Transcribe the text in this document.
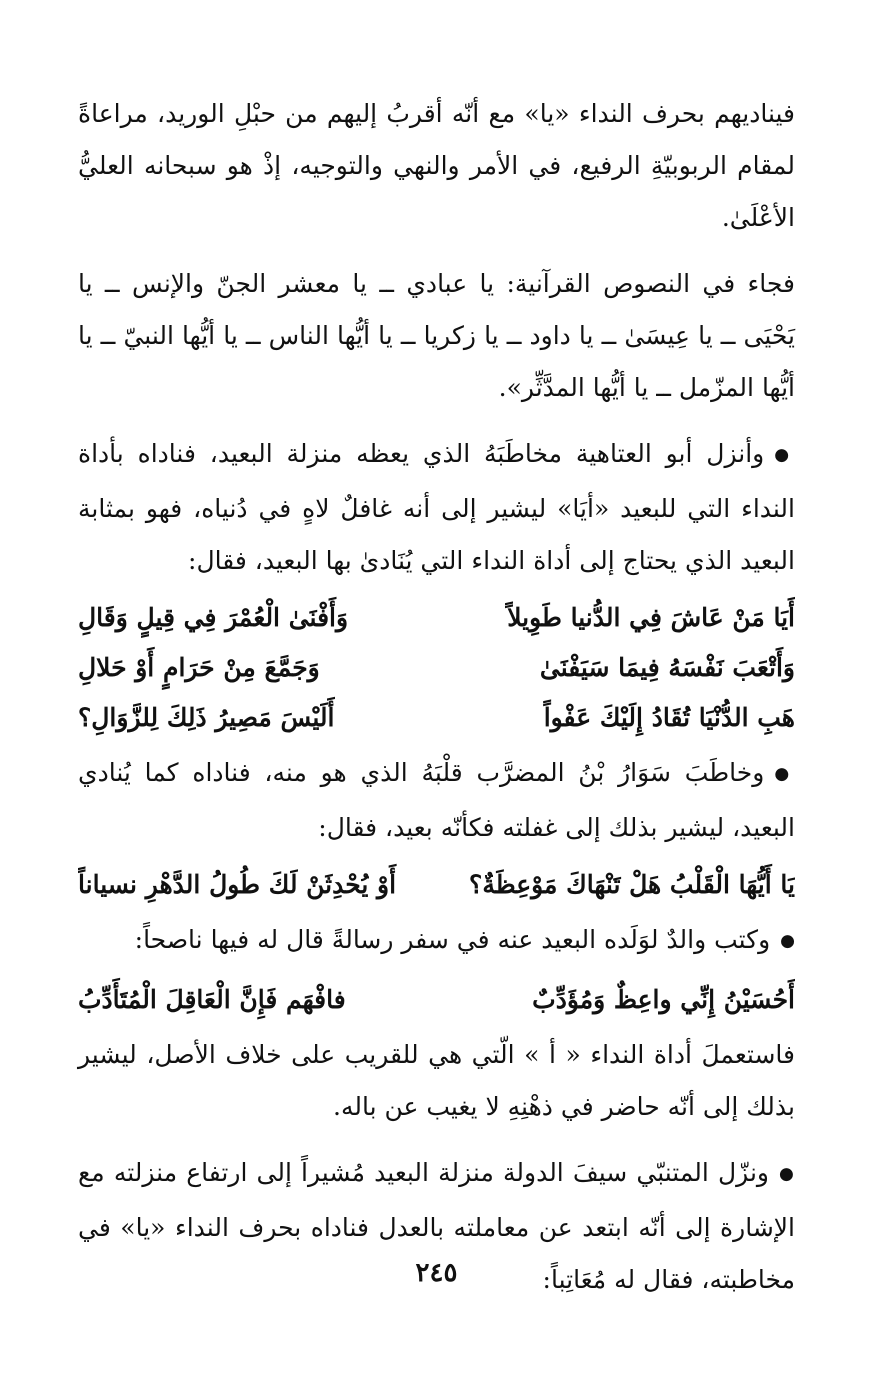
فيناديهم بحرف النداء «يا» مع أنّه أقربُ إليهم من حبْلِ الوريد، مراعاةً لمقام الربوبيّةِ الرفيع، في الأمر والنهي والتوجيه، إذْ هو سبحانه العليُّ الأعْلَىٰ.

فجاء في النصوص القرآنية: يا عبادي ــ يا معشر الجنّ والإنس ــ يا يَحْيَى ــ يا عِيسَىٰ ــ يا داود ــ يا زكريا ــ يا أيُّها الناس ــ يا أيُّها النبيّ ــ يا أيُّها المزّمل ــ يا أيُّها المدَّثِّر».

● وأنزل أبو العتاهية مخاطَبَهُ الذي يعظه منزلة البعيد، فناداه بأداة النداء التي للبعيد «أيَا» ليشير إلى أنه غافلٌ لاهٍ في دُنياه، فهو بمثابة البعيد الذي يحتاج إلى أداة النداء التي يُنَادىٰ بها البعيد، فقال:

أَيَا مَنْ عَاشَ فِي الدُّنيا طَوِيلاً
وَأَفْنَىٰ الْعُمْرَ فِي قِيلٍ وَقَالِ
وَأَتْعَبَ نَفْسَهُ فِيمَا سَيَفْنَىٰ
وَجَمَّعَ مِنْ حَرَامٍ أَوْ حَلالِ
هَبِ الدُّنْيَا تُقَادُ إِلَيْكَ عَفْواً
أَلَيْسَ مَصِيرُ ذَلِكَ لِلزَّوَالِ؟

● وخاطَبَ سَوَارُ بْنُ المضرَّب قلْبَهُ الذي هو منه، فناداه كما يُنادي البعيد، ليشير بذلك إلى غفلته فكأنّه بعيد، فقال:

يَا أَيُّهَا الْقَلْبُ هَلْ تَنْهَاكَ مَوْعِظَةٌ؟
أَوْ يُحْدِثَنْ لَكَ طُولُ الدَّهْرِ نسياناً

● وكتب والدٌ لوَلَده البعيد عنه في سفر رسالةً قال له فيها ناصحاً:

أَحُسَيْنُ إِنِّي واعِظٌ وَمُؤَدِّبٌ
فافْهَم فَإِنَّ الْعَاقِلَ الْمُتَأَدِّبُ

فاستعملَ أداة النداء « أ » الّتي هي للقريب على خلاف الأصل، ليشير بذلك إلى أنّه حاضر في ذهْنِهِ لا يغيب عن باله.

● ونزّل المتنبّي سيفَ الدولة منزلة البعيد مُشيراً إلى ارتفاع منزلته مع الإشارة إلى أنّه ابتعد عن معاملته بالعدل فناداه بحرف النداء «يا» في مخاطبته، فقال له مُعَاتِباً:

٢٤٥
